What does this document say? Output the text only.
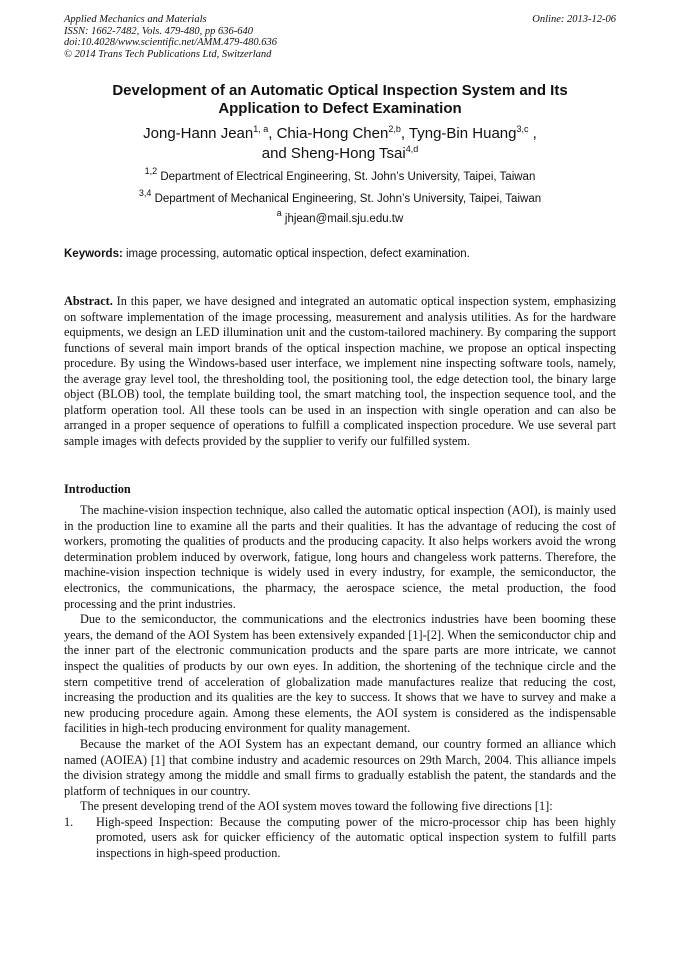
Applied Mechanics and Materials
ISSN: 1662-7482, Vols. 479-480, pp 636-640
doi:10.4028/www.scientific.net/AMM.479-480.636
© 2014 Trans Tech Publications Ltd, Switzerland
Online: 2013-12-06
Development of an Automatic Optical Inspection System and Its
Application to Defect Examination
Jong-Hann Jean$^{1, a}$, Chia-Hong Chen$^{2,b}$, Tyng-Bin Huang$^{3,c}$ ,
and Sheng-Hong Tsai$^{4,d}$
$^{1,2}$ Department of Electrical Engineering, St. John’s University, Taipei, Taiwan
$^{3,4}$ Department of Mechanical Engineering, St. John’s University, Taipei, Taiwan
$^a$ jhjean@mail.sju.edu.tw
Keywords: image processing, automatic optical inspection, defect examination.
Abstract. In this paper, we have designed and integrated an automatic optical inspection system, emphasizing on software implementation of the image processing, measurement and analysis utilities. As for the hardware equipments, we design an LED illumination unit and the custom-tailored machinery. By comparing the support functions of several main import brands of the optical inspection machine, we propose an optical inspecting procedure. By using the Windows-based user interface, we implement nine inspecting software tools, namely, the average gray level tool, the thresholding tool, the positioning tool, the edge detection tool, the binary large object (BLOB) tool, the template building tool, the smart matching tool, the inspection sequence tool, and the platform operation tool. All these tools can be used in an inspection with single operation and can also be arranged in a proper sequence of operations to fulfill a complicated inspection procedure. We use several part sample images with defects provided by the supplier to verify our fulfilled system.
Introduction

The machine-vision inspection technique, also called the automatic optical inspection (AOI), is mainly used in the production line to examine all the parts and their qualities. It has the advantage of reducing the cost of workers, promoting the qualities of products and the producing capacity. It also helps workers avoid the wrong determination problem induced by overwork, fatigue, long hours and changeless work patterns. Therefore, the machine-vision inspection technique is widely used in every industry, for example, the semiconductor, the electronics, the communications, the pharmacy, the aerospace science, the metal production, the food processing and the print industries.

Due to the semiconductor, the communications and the electronics industries have been booming these years, the demand of the AOI System has been extensively expanded [1]-[2]. When the semiconductor chip and the inner part of the electronic communication products and the spare parts are more intricate, we cannot inspect the qualities of products by our own eyes. In addition, the shortening of the technique circle and the stern competitive trend of acceleration of globalization made manufactures realize that reducing the cost, increasing the production and its qualities are the key to success. It shows that we have to survey and make a new producing procedure again. Among these elements, the AOI system is considered as the indispensable facilities in high-tech producing environment for quality management.

Because the market of the AOI System has an expectant demand, our country formed an alliance which named (AOIEA) [1] that combine industry and academic resources on 29th March, 2004. This alliance impels the division strategy among the middle and small firms to gradually establish the patent, the standards and the platform of techniques in our country.

The present developing trend of the AOI system moves toward the following five directions [1]:

1. High-speed Inspection: Because the computing power of the micro-processor chip has been highly promoted, users ask for quicker efficiency of the automatic optical inspection system to fulfill parts inspections in high-speed production.
